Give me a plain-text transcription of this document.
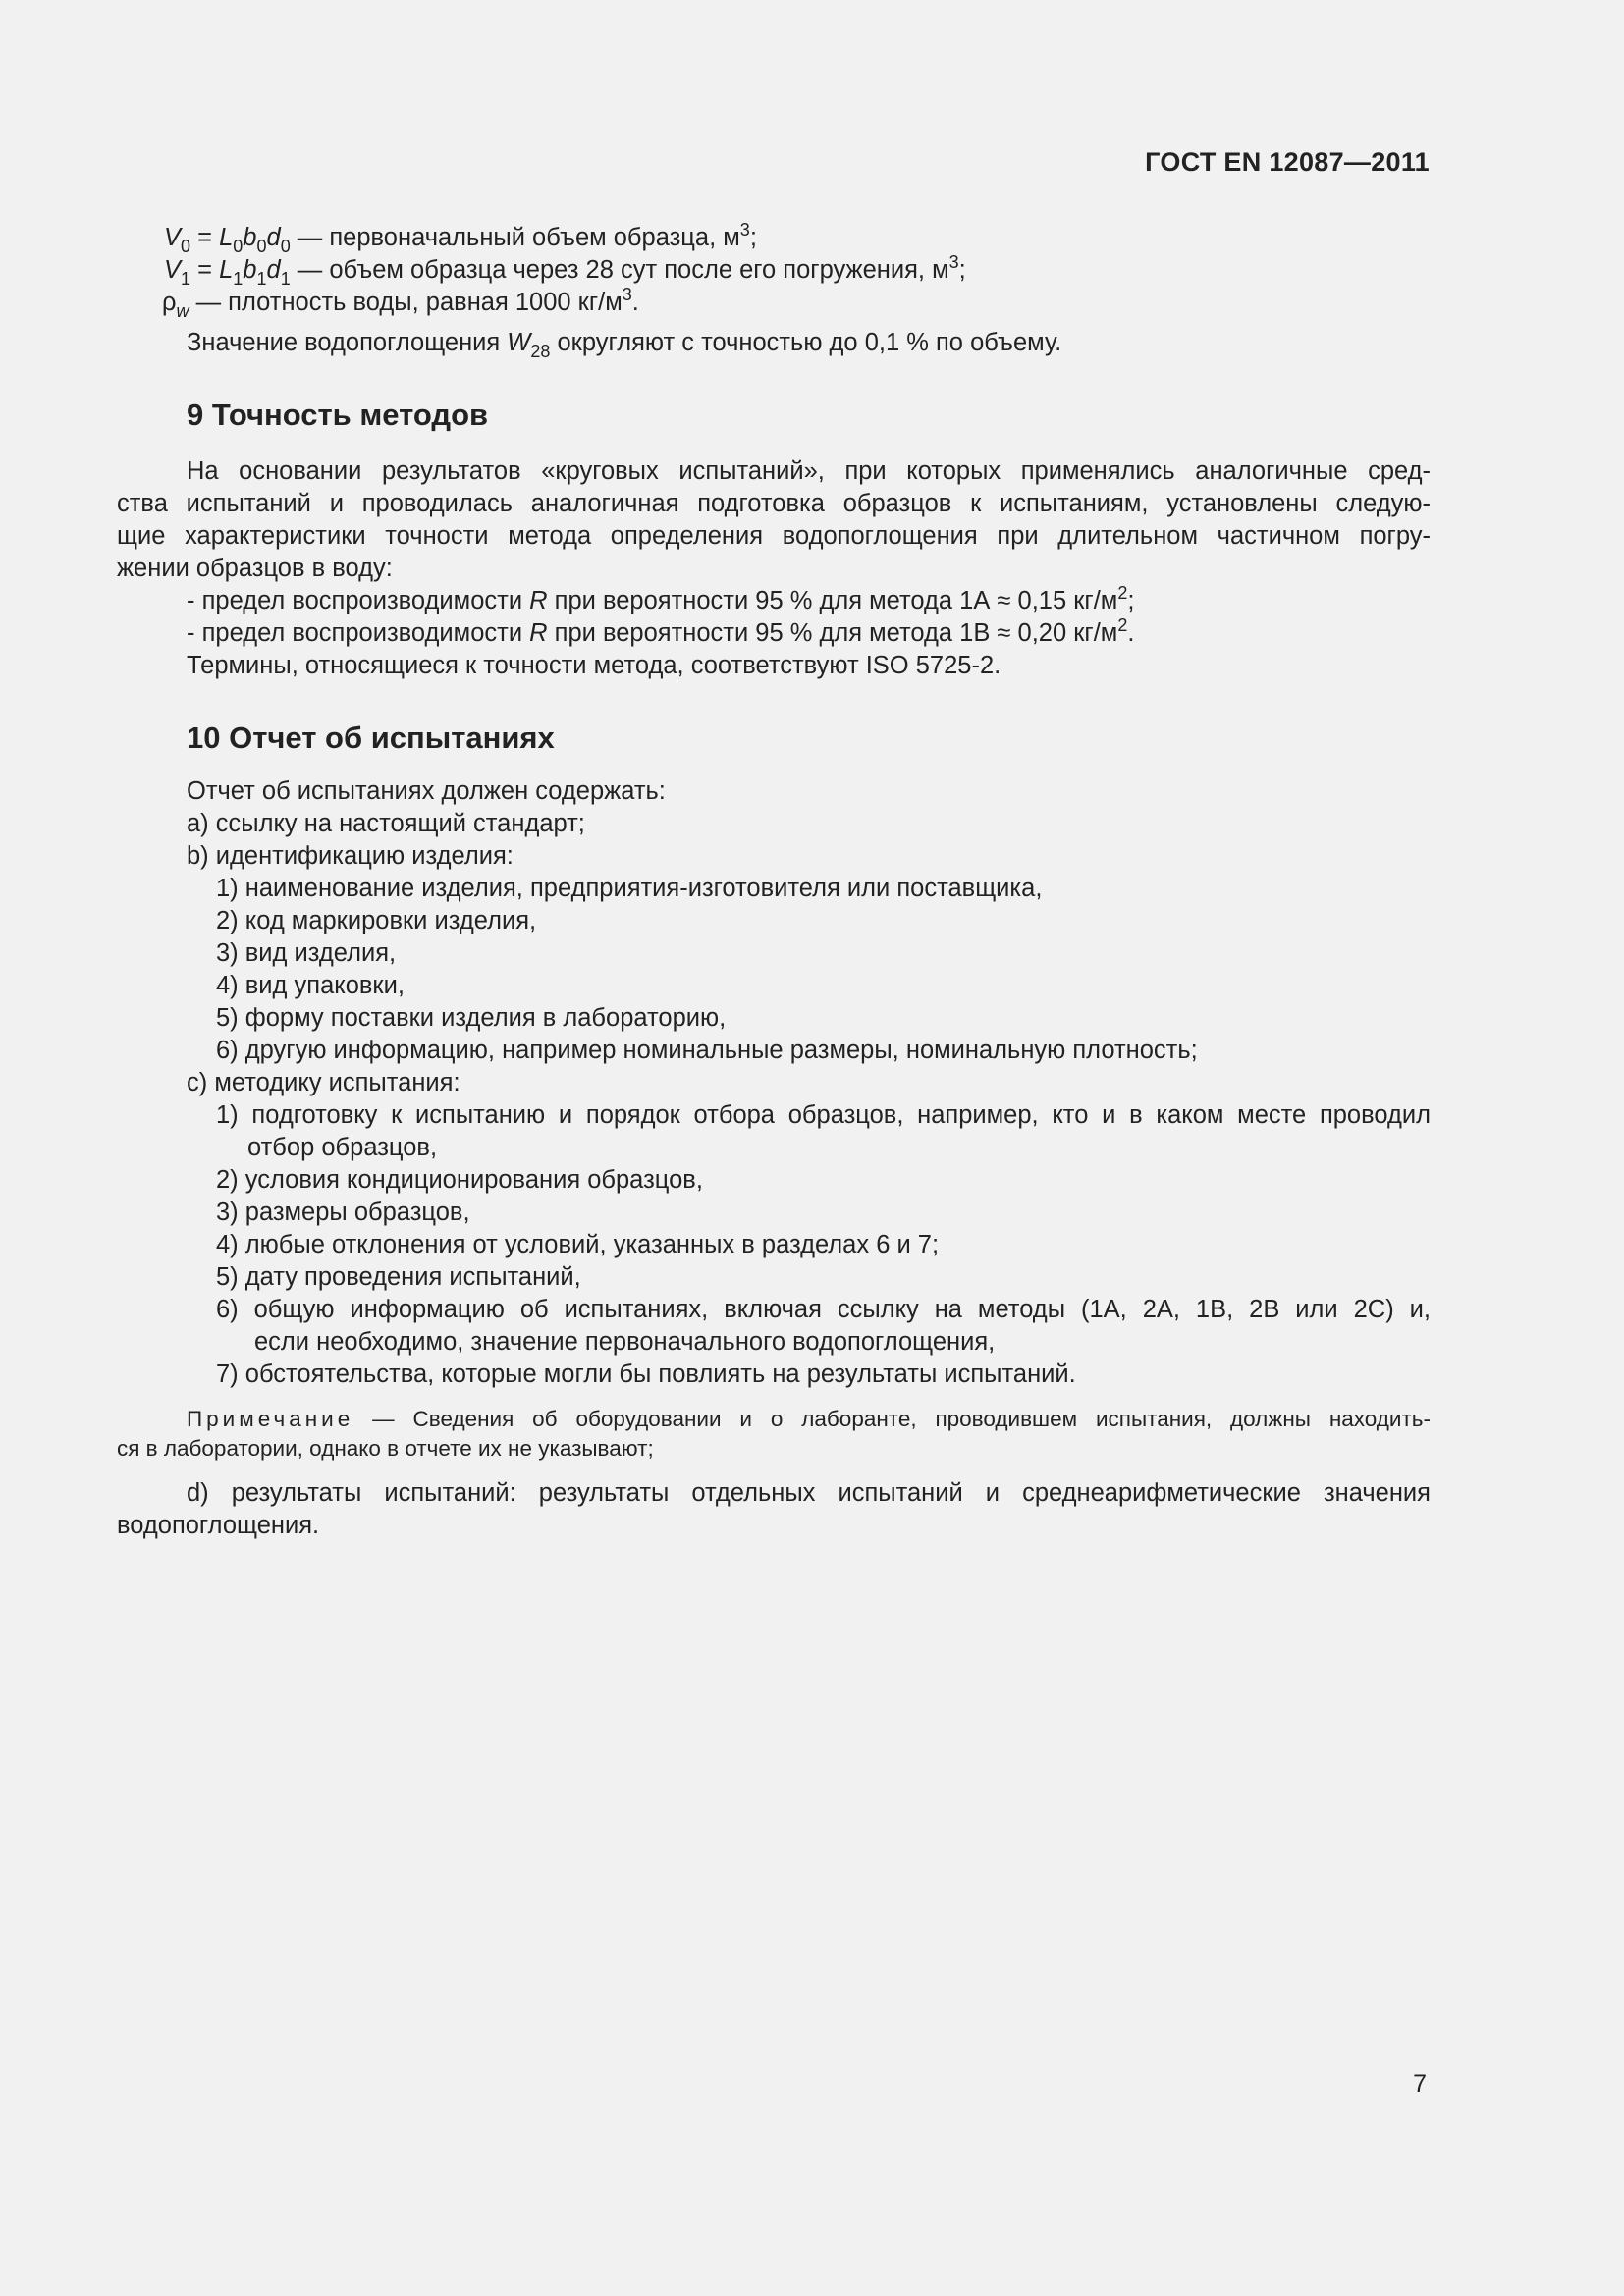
ГОСТ EN 12087—2011

$V_0 = L_0b_0d_0$ — первоначальный объем образца, $м^3$;

$V_1 = L_1b_1d_1$ — объем образца через 28 сут после его погружения, $м^3$;

$\rho_w$ — плотность воды, равная 1000 $кг/м^3$.

Значение водопоглощения $W_{28}$ округляют с точностью до 0,1 % по объему.

9 Точность методов

На основании результатов «круговых испытаний», при которых применялись аналогичные сред-

ства испытаний и проводилась аналогичная подготовка образцов к испытаниям, установлены следую-

щие характеристики точности метода определения водопоглощения при длительном частичном погру-

жении образцов в воду:

- предел воспроизводимости R при вероятности 95 % для метода 1А ≈ 0,15 $кг/м^2$;

- предел воспроизводимости R при вероятности 95 % для метода 1В ≈ 0,20 $кг/м^2$.

Термины, относящиеся к точности метода, соответствуют ISO 5725-2.

10 Отчет об испытаниях

Отчет об испытаниях должен содержать:

a) ссылку на настоящий стандарт;

b) идентификацию изделия:

1) наименование изделия, предприятия-изготовителя или поставщика,

2) код маркировки изделия,

3) вид изделия,

4) вид упаковки,

5) форму поставки изделия в лабораторию,

6) другую информацию, например номинальные размеры, номинальную плотность;

c) методику испытания:

1) подготовку к испытанию и порядок отбора образцов, например, кто и в каком месте проводил

отбор образцов,

2) условия кондиционирования образцов,

3) размеры образцов,

4) любые отклонения от условий, указанных в разделах 6 и 7;

5) дату проведения испытаний,

6) общую информацию об испытаниях, включая ссылку на методы (1А, 2А, 1В, 2В или 2С) и,

если необходимо, значение первоначального водопоглощения,

7) обстоятельства, которые могли бы повлиять на результаты испытаний.

Примечание — Сведения об оборудовании и о лаборанте, проводившем испытания, должны находить-
ся в лаборатории, однако в отчете их не указывают;

d) результаты испытаний: результаты отдельных испытаний и среднеарифметические значения

водопоглощения.

7
